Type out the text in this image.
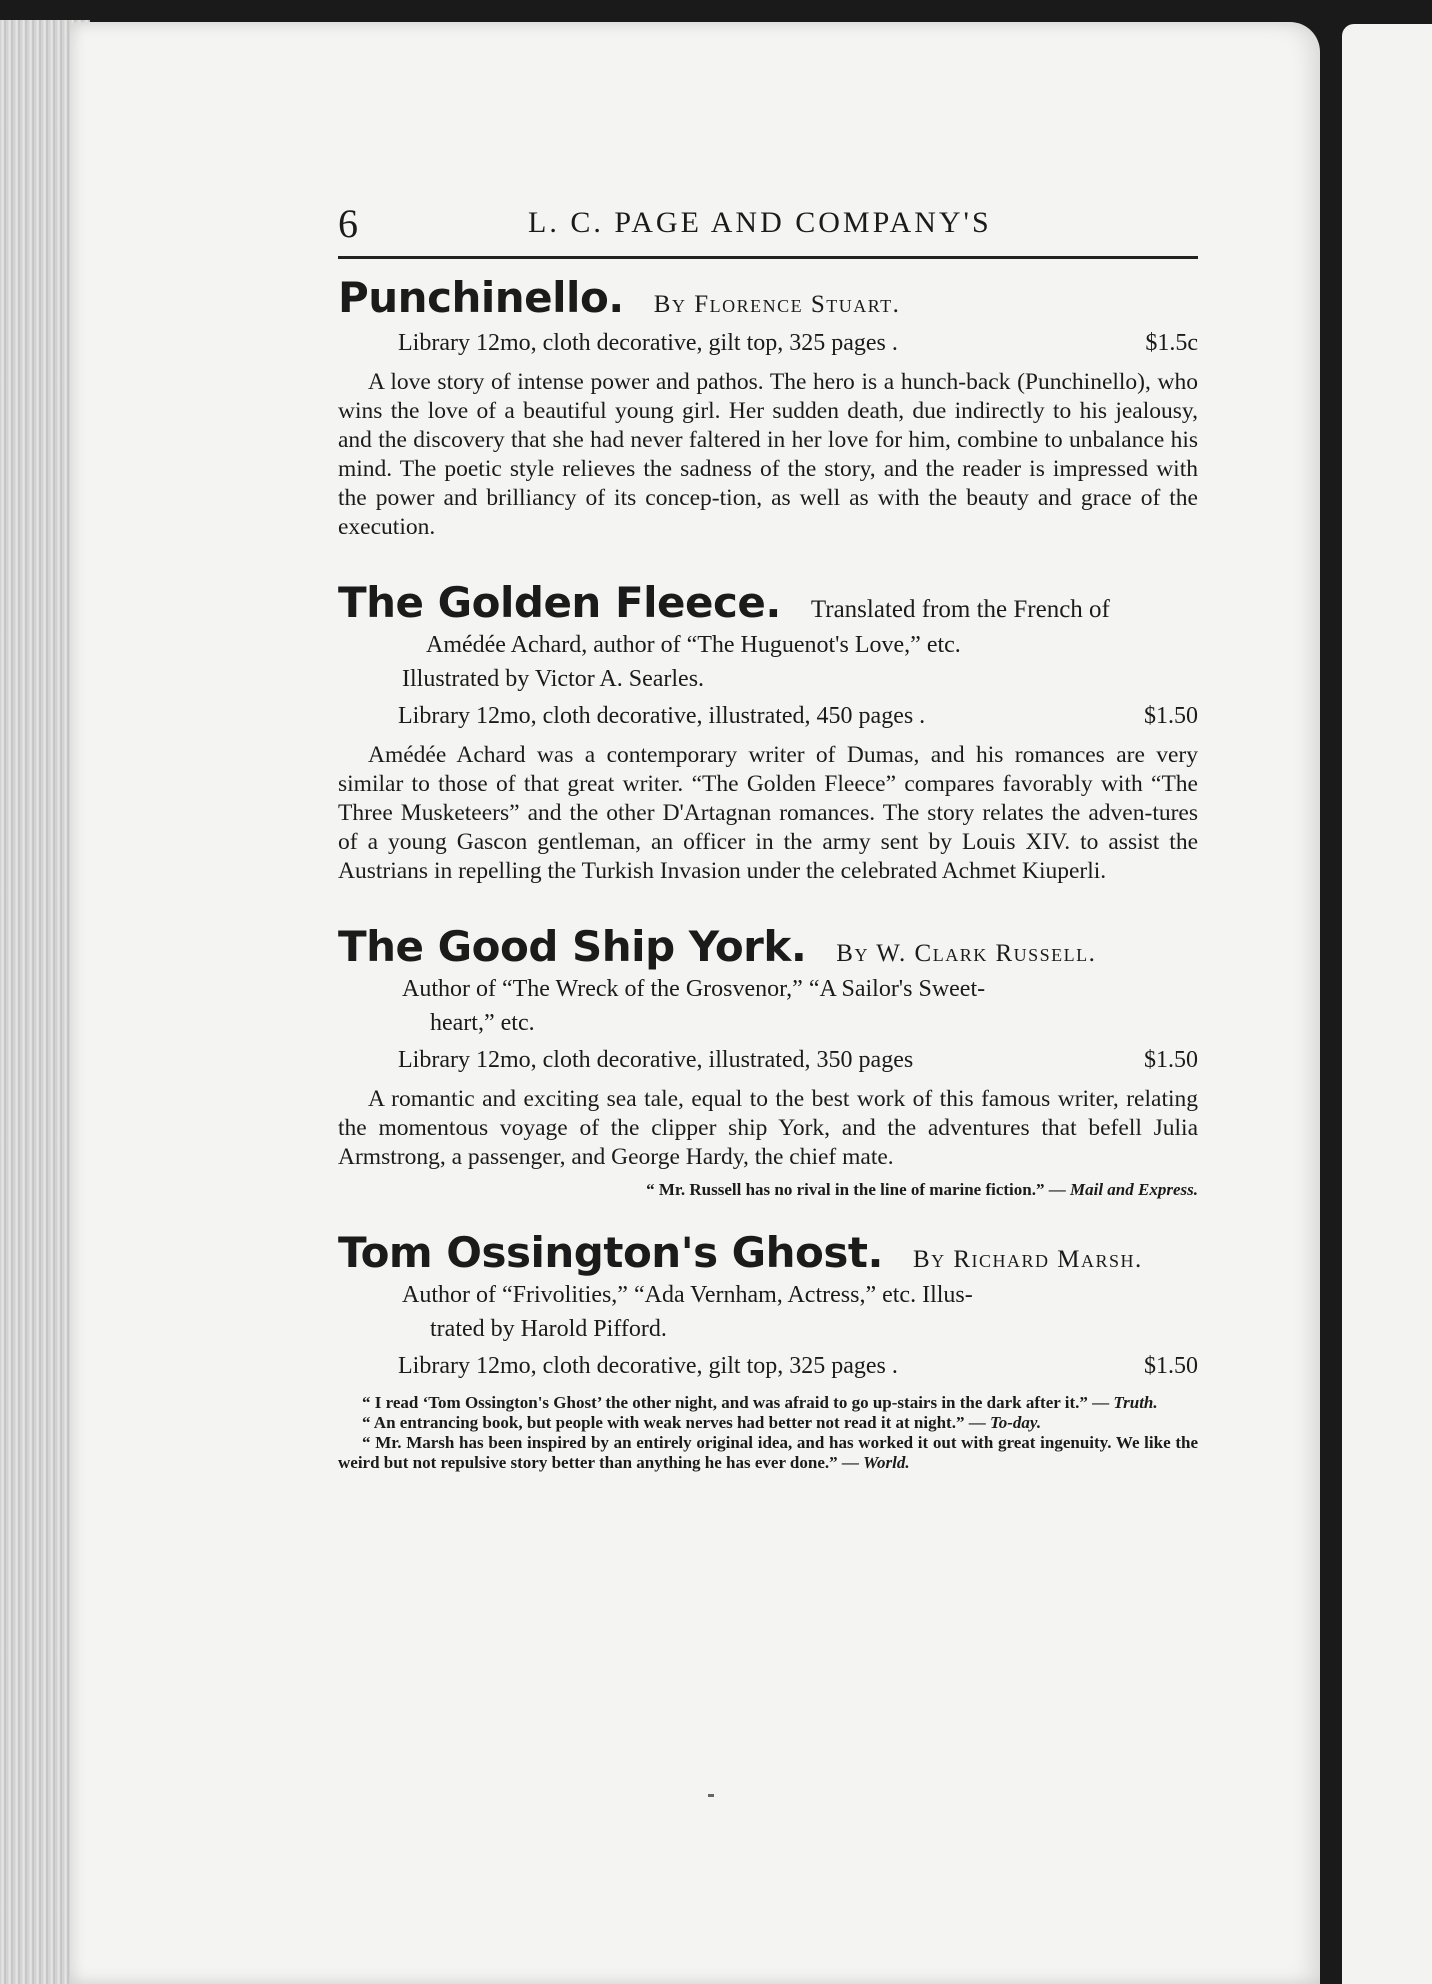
6	L. C. PAGE AND COMPANY'S
Punchinello. By Florence Stuart.
Library 12mo, cloth decorative, gilt top, 325 pages .	$1.5c

A love story of intense power and pathos. The hero is a hunch-back (Punchinello), who wins the love of a beautiful young girl. Her sudden death, due indirectly to his jealousy, and the discovery that she had never faltered in her love for him, combine to unbalance his mind. The poetic style relieves the sadness of the story, and the reader is impressed with the power and brilliancy of its concep-tion, as well as with the beauty and grace of the execution.

The Golden Fleece. Translated from the French of
Amédée Achard, author of “The Huguenot's Love,” etc.
Illustrated by Victor A. Searles.
Library 12mo, cloth decorative, illustrated, 450 pages .	$1.50

Amédée Achard was a contemporary writer of Dumas, and his romances are very similar to those of that great writer. “The Golden Fleece” compares favorably with “The Three Musketeers” and the other D'Artagnan romances. The story relates the adven-tures of a young Gascon gentleman, an officer in the army sent by Louis XIV. to assist the Austrians in repelling the Turkish Invasion under the celebrated Achmet Kiuperli.

The Good Ship York. By W. Clark Russell.
Author of “The Wreck of the Grosvenor,” “A Sailor's Sweet-
heart,” etc.
Library 12mo, cloth decorative, illustrated, 350 pages	$1.50

A romantic and exciting sea tale, equal to the best work of this famous writer, relating the momentous voyage of the clipper ship York, and the adventures that befell Julia Armstrong, a passenger, and George Hardy, the chief mate.

“ Mr. Russell has no rival in the line of marine fiction.” — Mail and Express.
Tom Ossington's Ghost. By Richard Marsh.
Author of “Frivolities,” “Ada Vernham, Actress,” etc. Illus-
trated by Harold Pifford.
Library 12mo, cloth decorative, gilt top, 325 pages .	$1.50
“ I read ‘Tom Ossington's Ghost’ the other night, and was afraid to go up-stairs in the dark after it.” — Truth.
“ An entrancing book, but people with weak nerves had better not read it at night.” — To-day.
“ Mr. Marsh has been inspired by an entirely original idea, and has worked it out with great ingenuity. We like the weird but not repulsive story better than anything he has ever done.” — World.
